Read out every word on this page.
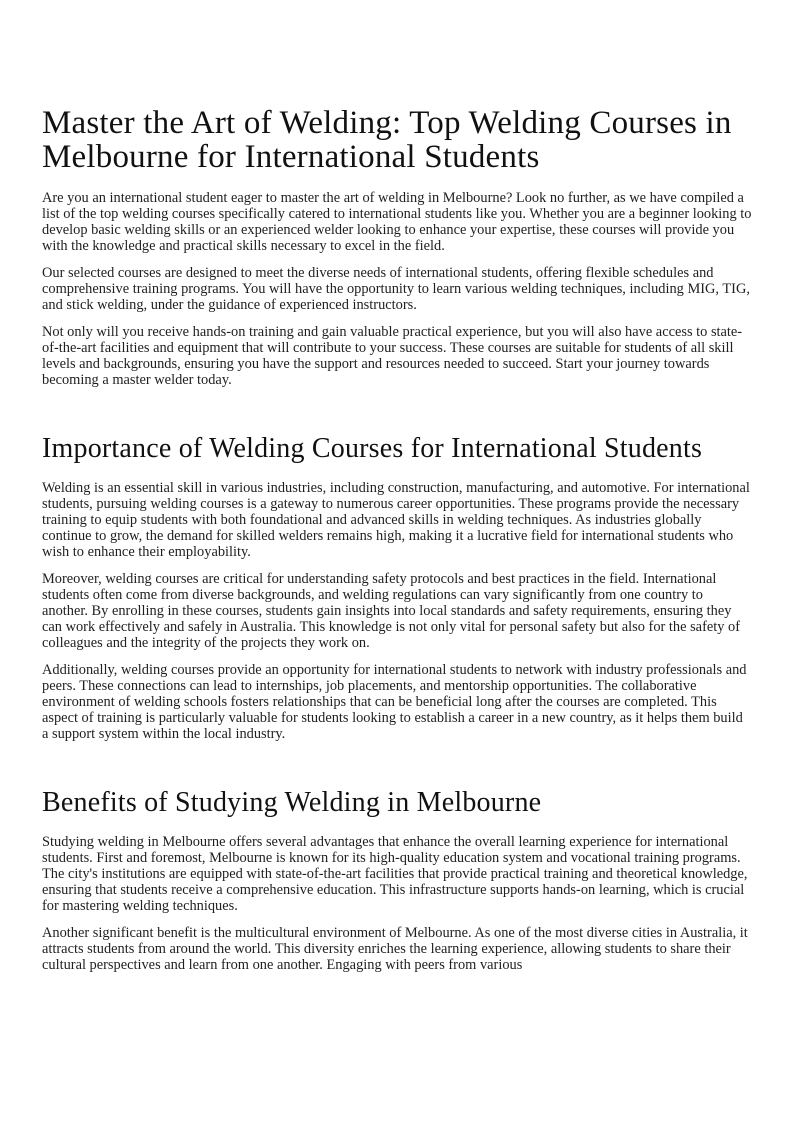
Master the Art of Welding: Top Welding Courses in Melbourne for International Students

Are you an international student eager to master the art of welding in Melbourne? Look no further, as we have compiled a list of the top welding courses specifically catered to international students like you. Whether you are a beginner looking to develop basic welding skills or an experienced welder looking to enhance your expertise, these courses will provide you with the knowledge and practical skills necessary to excel in the field.

Our selected courses are designed to meet the diverse needs of international students, offering flexible schedules and comprehensive training programs. You will have the opportunity to learn various welding techniques, including MIG, TIG, and stick welding, under the guidance of experienced instructors.

Not only will you receive hands-on training and gain valuable practical experience, but you will also have access to state-of-the-art facilities and equipment that will contribute to your success. These courses are suitable for students of all skill levels and backgrounds, ensuring you have the support and resources needed to succeed. Start your journey towards becoming a master welder today.

Importance of Welding Courses for International Students

Welding is an essential skill in various industries, including construction, manufacturing, and automotive. For international students, pursuing welding courses is a gateway to numerous career opportunities. These programs provide the necessary training to equip students with both foundational and advanced skills in welding techniques. As industries globally continue to grow, the demand for skilled welders remains high, making it a lucrative field for international students who wish to enhance their employability.

Moreover, welding courses are critical for understanding safety protocols and best practices in the field. International students often come from diverse backgrounds, and welding regulations can vary significantly from one country to another. By enrolling in these courses, students gain insights into local standards and safety requirements, ensuring they can work effectively and safely in Australia. This knowledge is not only vital for personal safety but also for the safety of colleagues and the integrity of the projects they work on.

Additionally, welding courses provide an opportunity for international students to network with industry professionals and peers. These connections can lead to internships, job placements, and mentorship opportunities. The collaborative environment of welding schools fosters relationships that can be beneficial long after the courses are completed. This aspect of training is particularly valuable for students looking to establish a career in a new country, as it helps them build a support system within the local industry.

Benefits of Studying Welding in Melbourne

Studying welding in Melbourne offers several advantages that enhance the overall learning experience for international students. First and foremost, Melbourne is known for its high-quality education system and vocational training programs. The city's institutions are equipped with state-of-the-art facilities that provide practical training and theoretical knowledge, ensuring that students receive a comprehensive education. This infrastructure supports hands-on learning, which is crucial for mastering welding techniques.

Another significant benefit is the multicultural environment of Melbourne. As one of the most diverse cities in Australia, it attracts students from around the world. This diversity enriches the learning experience, allowing students to share their cultural perspectives and learn from one another. Engaging with peers from various
